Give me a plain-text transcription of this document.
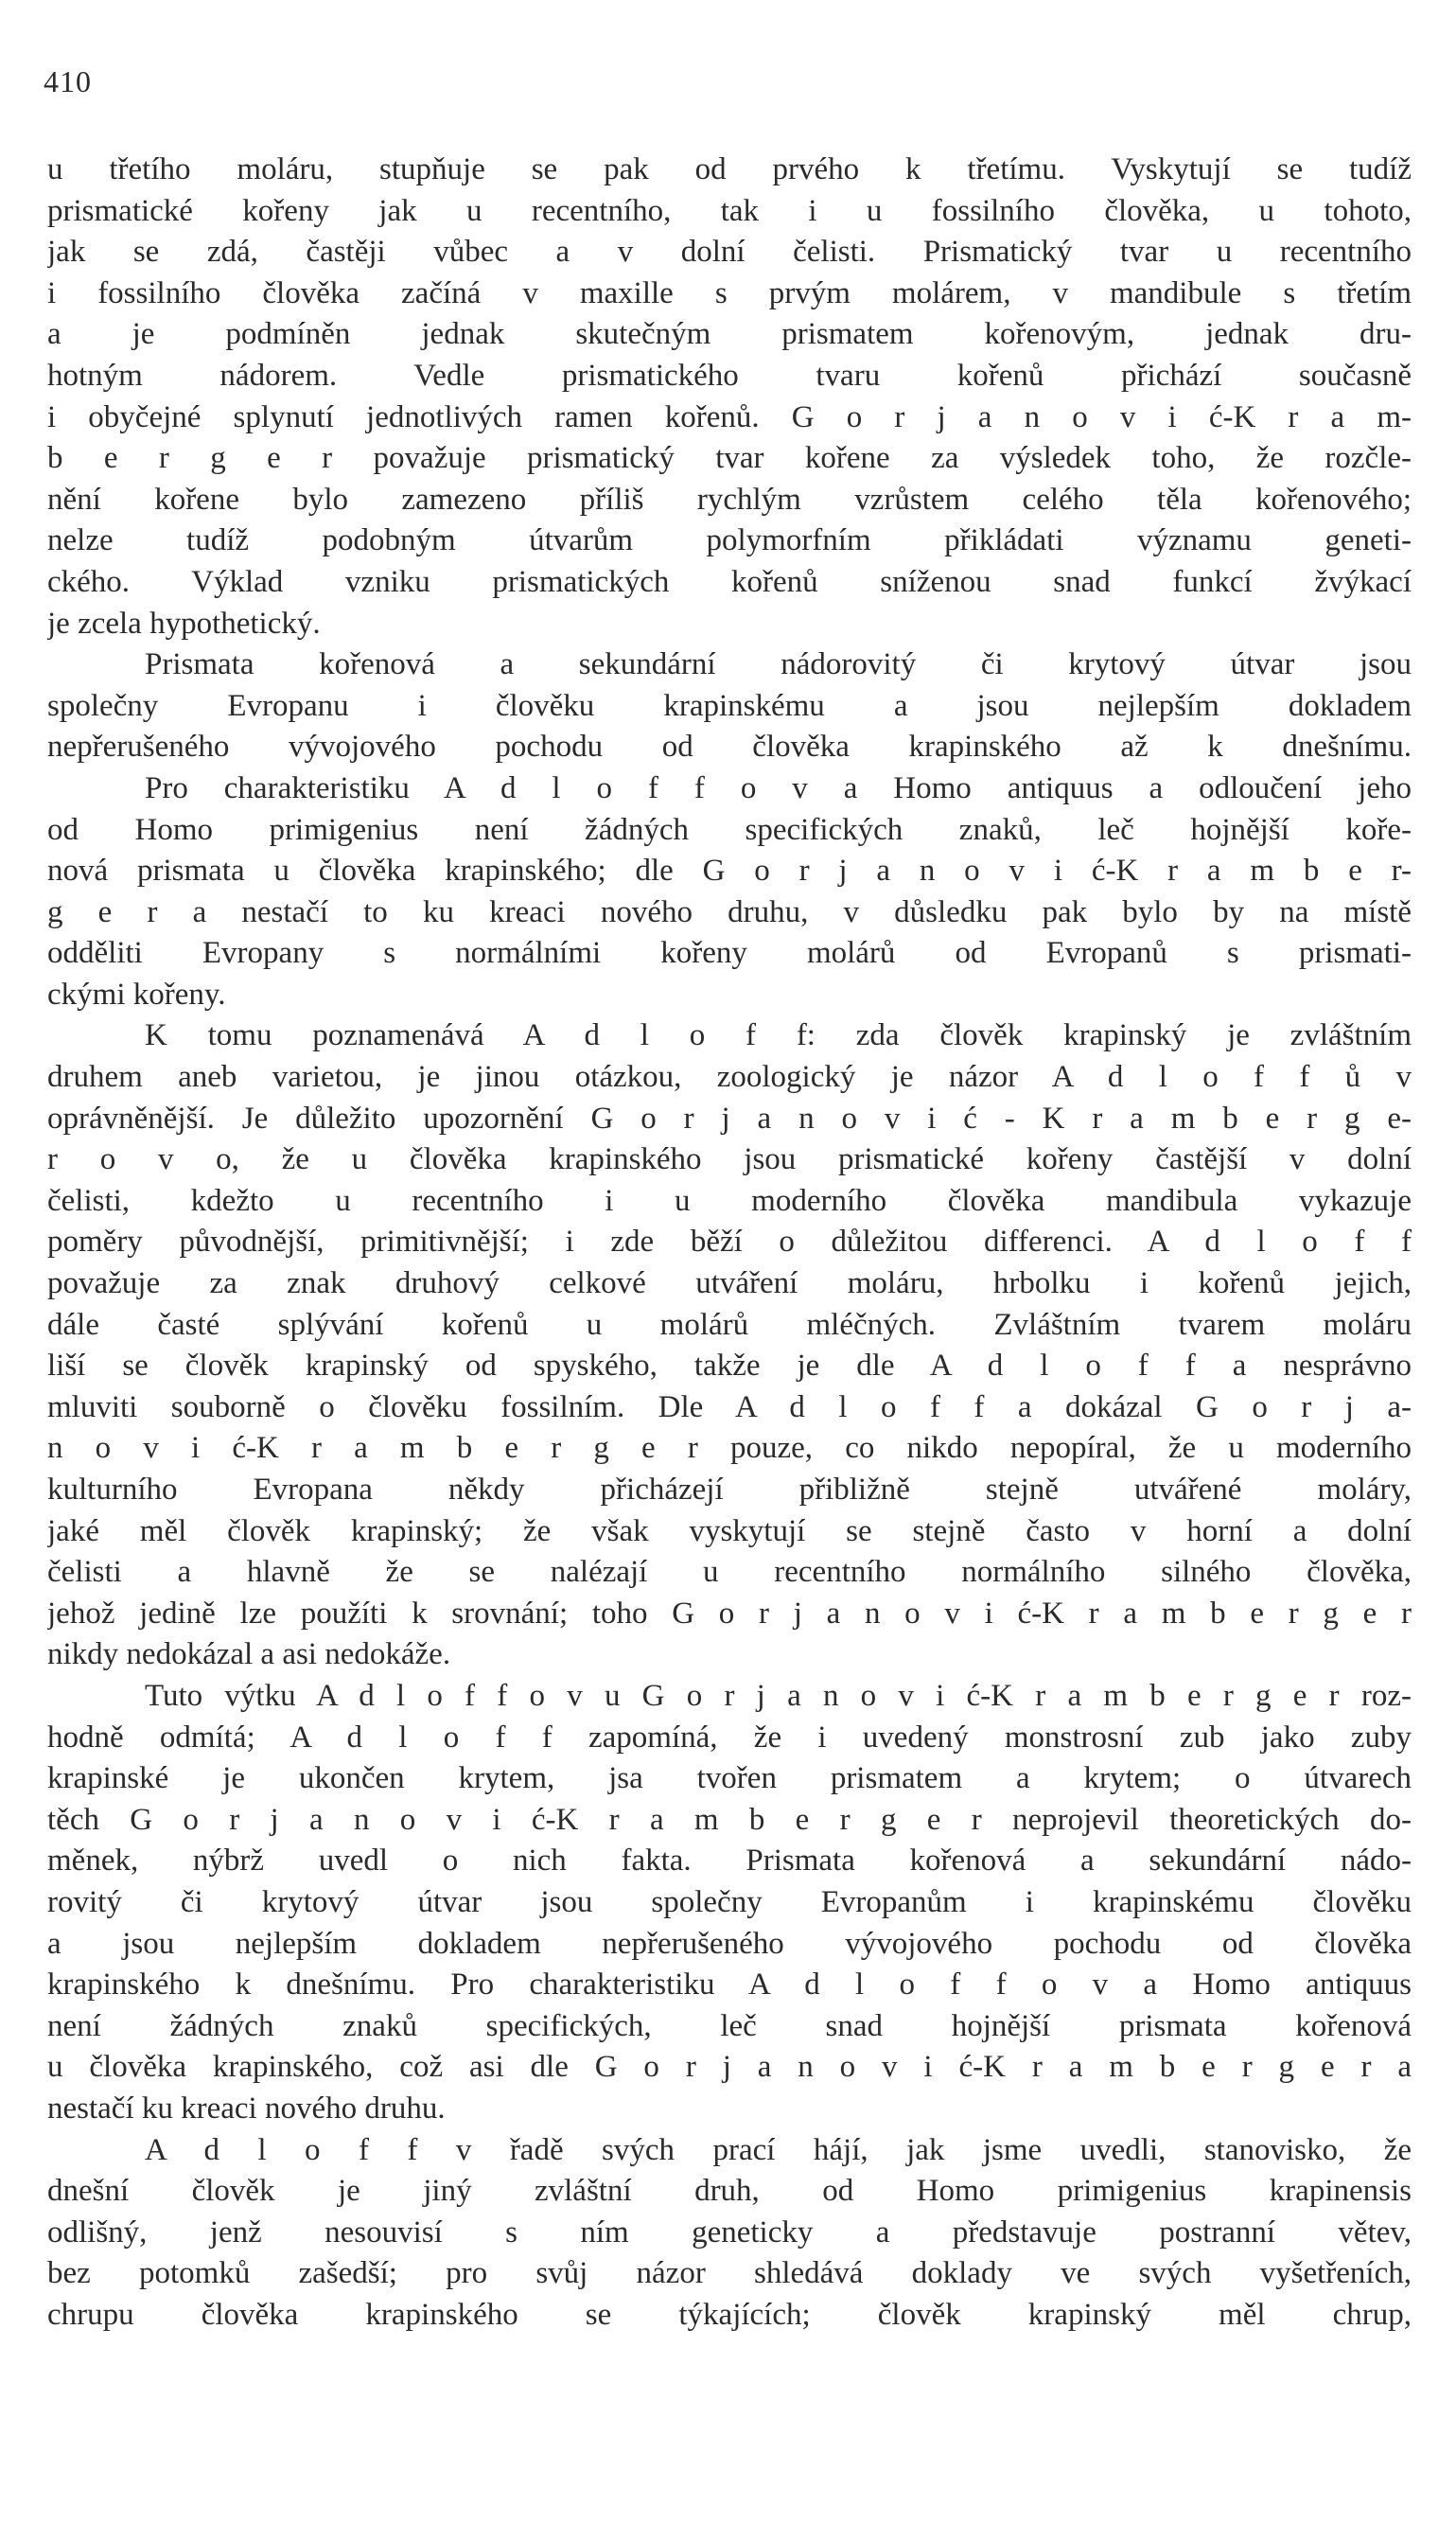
410
u třetího moláru, stupňuje se pak od prvého k třetímu. Vyskytují se tudíž
prismatické kořeny jak u recentního, tak i u fossilního člověka, u tohoto,
jak se zdá, častěji vůbec a v dolní čelisti. Prismatický tvar u recentního
i fossilního člověka začíná v maxille s prvým molárem, v mandibule s třetím
a je podmíněn jednak skutečným prismatem kořenovým, jednak dru-
hotným nádorem. Vedle prismatického tvaru kořenů přichází současně
i obyčejné splynutí jednotlivých ramen kořenů. G o r j a n o v i ć-K r a m-
b e r g e r považuje prismatický tvar kořene za výsledek toho, že rozčle-
nění kořene bylo zamezeno příliš rychlým vzrůstem celého těla kořenového;
nelze tudíž podobným útvarům polymorfním přikládati významu geneti-
ckého. Výklad vzniku prismatických kořenů sníženou snad funkcí žvýkací
je zcela hypothetický.
Prismata kořenová a sekundární nádorovitý či krytový útvar jsou
společny Evropanu i člověku krapinskému a jsou nejlepším dokladem
nepřerušeného vývojového pochodu od člověka krapinského až k dnešnímu.
Pro charakteristiku A d l o f f o v a Homo antiquus a odloučení jeho
od Homo primigenius není žádných specifických znaků, leč hojnější koře-
nová prismata u člověka krapinského; dle G o r j a n o v i ć-K r a m b e r-
g e r a nestačí to ku kreaci nového druhu, v důsledku pak bylo by na místě
odděliti Evropany s normálními kořeny molárů od Evropanů s prismati-
ckými kořeny.
K tomu poznamenává A d l o f f: zda člověk krapinský je zvláštním
druhem aneb varietou, je jinou otázkou, zoologický je názor A d l o f f ů v
oprávněnější. Je důležito upozornění G o r j a n o v i ć - K r a m b e r g e-
r o v o, že u člověka krapinského jsou prismatické kořeny častější v dolní
čelisti, kdežto u recentního i u moderního člověka mandibula vykazuje
poměry původnější, primitivnější; i zde běží o důležitou differenci. A d l o f f
považuje za znak druhový celkové utváření moláru, hrbolku i kořenů jejich,
dále časté splývání kořenů u molárů mléčných. Zvláštním tvarem moláru
liší se člověk krapinský od spyského, takže je dle A d l o f f a nesprávno
mluviti souborně o člověku fossilním. Dle A d l o f f a dokázal G o r j a-
n o v i ć-K r a m b e r g e r pouze, co nikdo nepopíral, že u moderního
kulturního Evropana někdy přicházejí přibližně stejně utvářené moláry,
jaké měl člověk krapinský; že však vyskytují se stejně často v horní a dolní
čelisti a hlavně že se nalézají u recentního normálního silného člověka,
jehož jedině lze použíti k srovnání; toho G o r j a n o v i ć-K r a m b e r g e r
nikdy nedokázal a asi nedokáže.
Tuto výtku A d l o f f o v u G o r j a n o v i ć-K r a m b e r g e r roz-
hodně odmítá; A d l o f f zapomíná, že i uvedený monstrosní zub jako zuby
krapinské je ukončen krytem, jsa tvořen prismatem a krytem; o útvarech
těch G o r j a n o v i ć-K r a m b e r g e r neprojevil theoretických do-
měnek, nýbrž uvedl o nich fakta. Prismata kořenová a sekundární nádo-
rovitý či krytový útvar jsou společny Evropanům i krapinskému člověku
a jsou nejlepším dokladem nepřerušeného vývojového pochodu od člověka
krapinského k dnešnímu. Pro charakteristiku A d l o f f o v a Homo antiquus
není žádných znaků specifických, leč snad hojnější prismata kořenová
u člověka krapinského, což asi dle G o r j a n o v i ć-K r a m b e r g e r a
nestačí ku kreaci nového druhu.
A d l o f f v řadě svých prací hájí, jak jsme uvedli, stanovisko, že
dnešní člověk je jiný zvláštní druh, od Homo primigenius krapinensis
odlišný, jenž nesouvisí s ním geneticky a představuje postranní větev,
bez potomků zašedší; pro svůj názor shledává doklady ve svých vyšetřeních,
chrupu člověka krapinského se týkajících; člověk krapinský měl chrup,
